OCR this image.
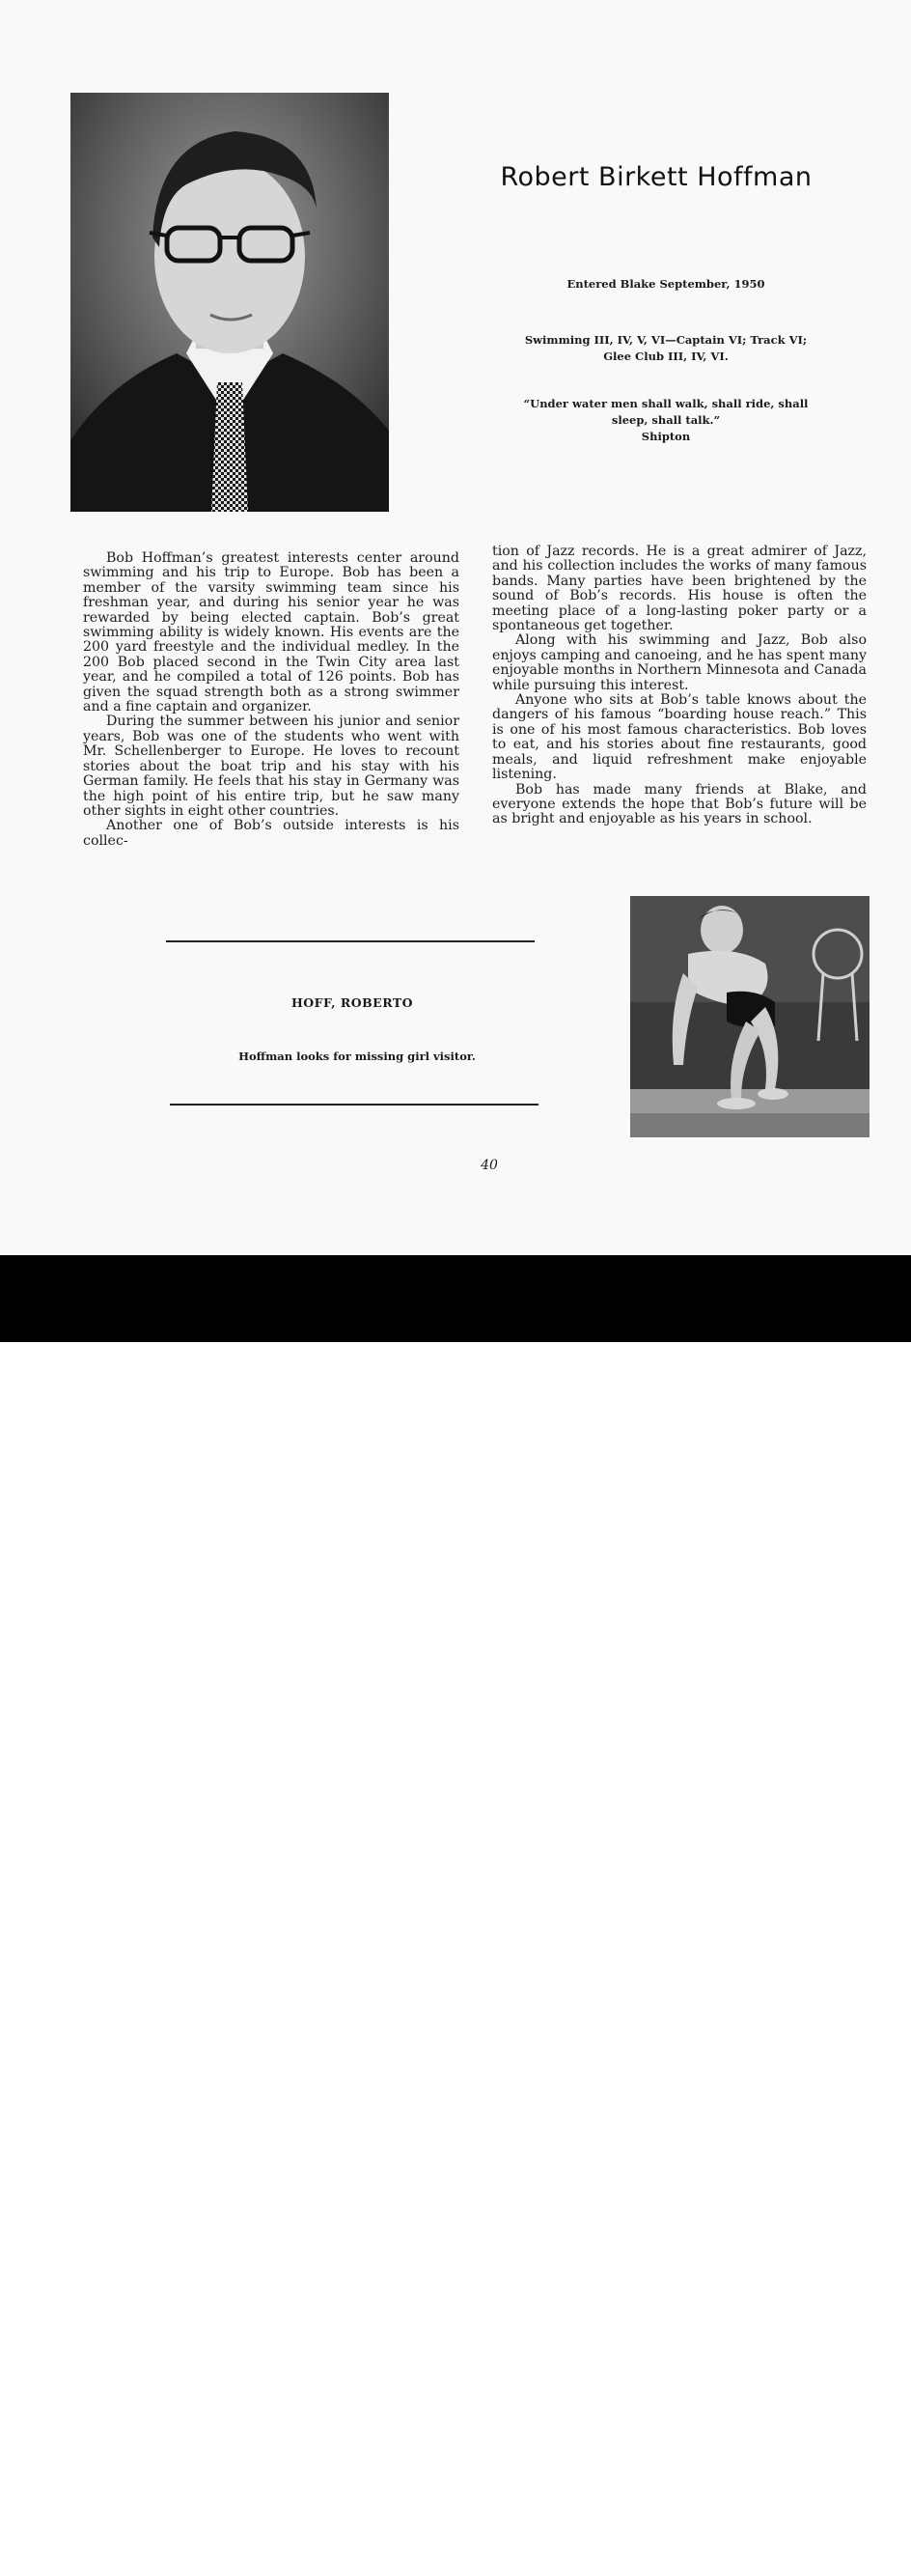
Robert Birkett Hoffman
Entered Blake September, 1950
Swimming III, IV, V, VI—Captain VI; Track VI;
Glee Club III, IV, VI.
“Under water men shall walk, shall ride, shall
sleep, shall talk.”
Shipton

Bob Hoffman’s greatest interests center around swimming and his trip to Europe. Bob has been a member of the varsity swimming team since his freshman year, and during his senior year he was rewarded by being elected captain. Bob’s great swimming ability is widely known. His events are the 200 yard freestyle and the individual medley. In the 200 Bob placed second in the Twin City area last year, and he compiled a total of 126 points. Bob has given the squad strength both as a strong swimmer and a fine captain and organizer.

During the summer between his junior and senior years, Bob was one of the students who went with Mr. Schellenberger to Europe. He loves to recount stories about the boat trip and his stay with his German family. He feels that his stay in Germany was the high point of his entire trip, but he saw many other sights in eight other countries.

Another one of Bob’s outside interests is his collec-

tion of Jazz records. He is a great admirer of Jazz, and his collection includes the works of many famous bands. Many parties have been brightened by the sound of Bob’s records. His house is often the meeting place of a long-lasting poker party or a spontaneous get together.

Along with his swimming and Jazz, Bob also enjoys camping and canoeing, and he has spent many enjoyable months in Northern Minnesota and Canada while pursuing this interest.

Anyone who sits at Bob’s table knows about the dangers of his famous “boarding house reach.” This is one of his most famous characteristics. Bob loves to eat, and his stories about fine restaurants, good meals, and liquid refreshment make enjoyable listening.

Bob has made many friends at Blake, and everyone extends the hope that Bob’s future will be as bright and enjoyable as his years in school.

HOFF, ROBERTO
Hoffman looks for missing girl visitor.
40
alamy	Image ID: 3APMD5T
www.alamy.com
